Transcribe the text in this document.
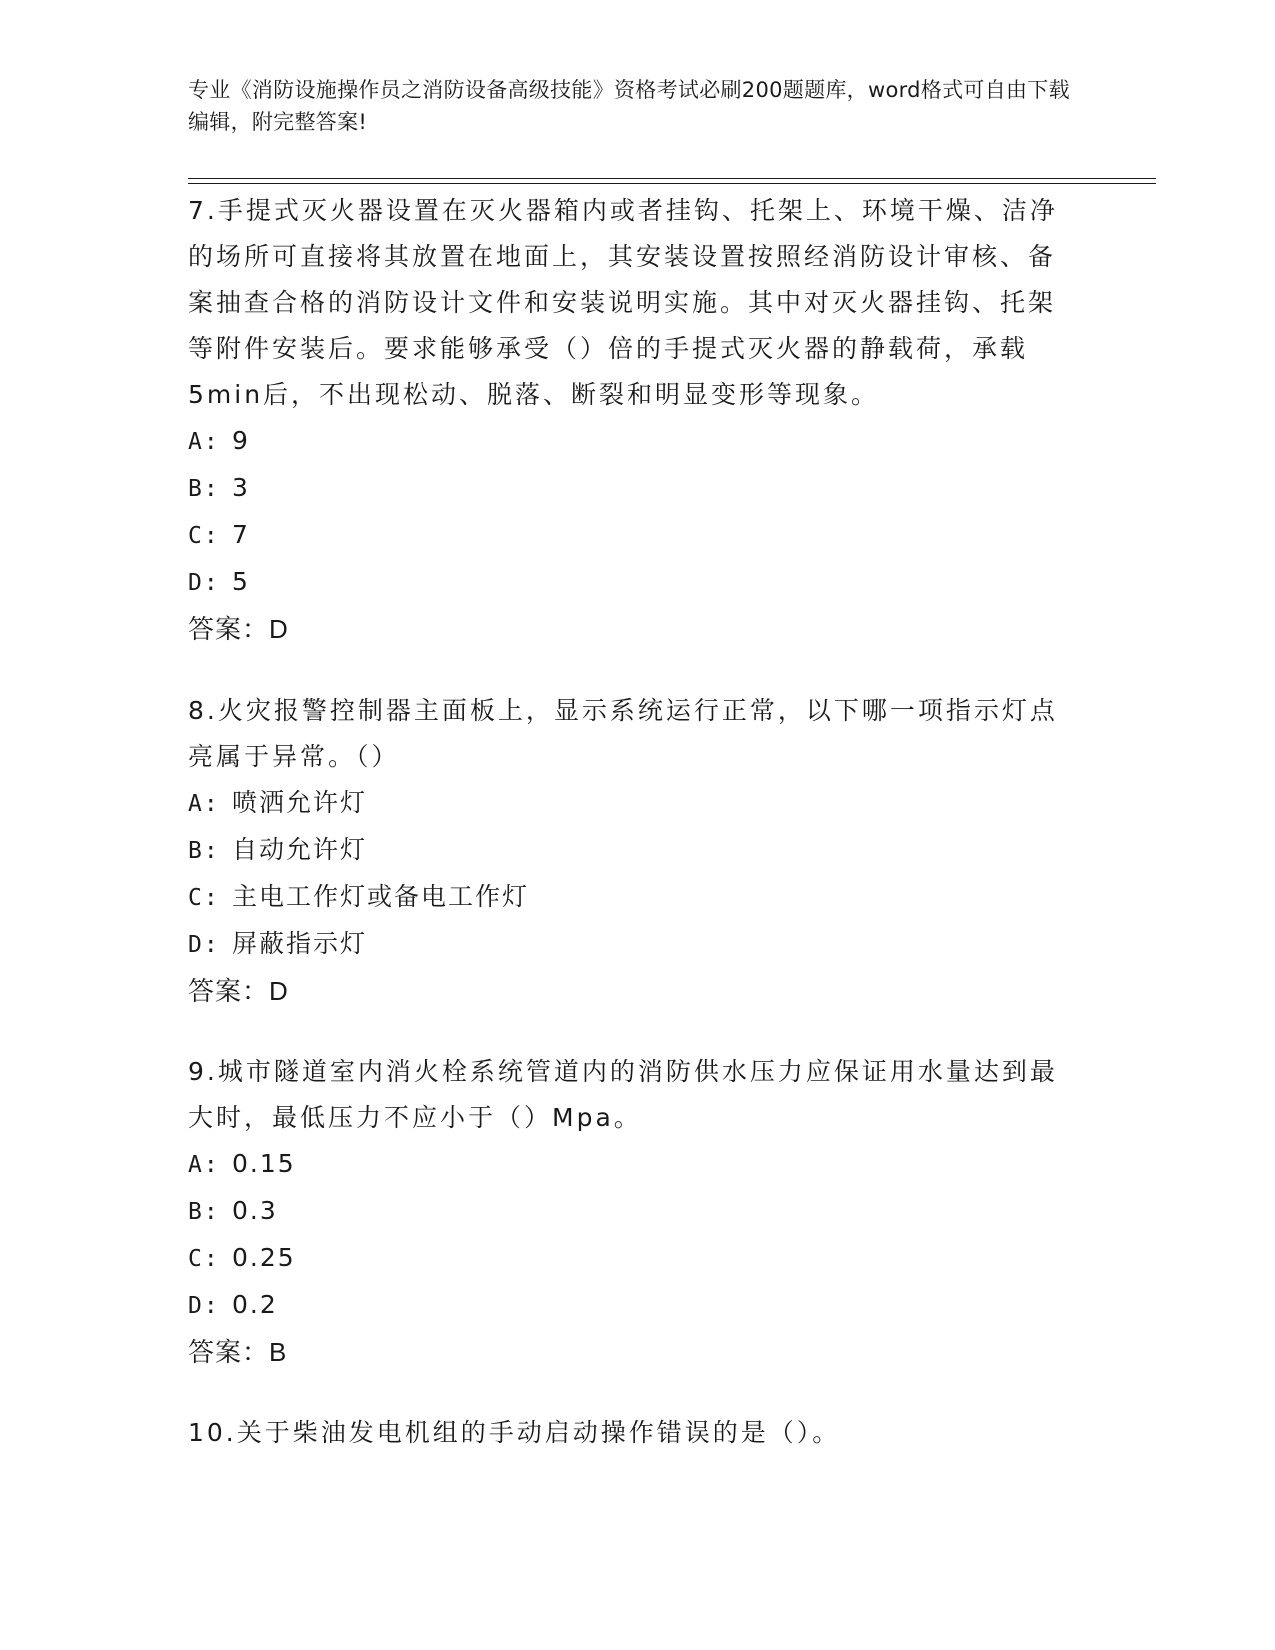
专业《消防设施操作员之消防设备高级技能》资格考试必刷200题题库，word格式可自由下载编辑，附完整答案!

7.手提式灭火器设置在灭火器箱内或者挂钩、托架上、环境干燥、洁净的场所可直接将其放置在地面上，其安装设置按照经消防设计审核、备案抽查合格的消防设计文件和安装说明实施。其中对灭火器挂钩、托架等附件安装后。要求能够承受（）倍的手提式灭火器的静载荷，承载5min后，不出现松动、脱落、断裂和明显变形等现象。

A: 9

B: 3

C: 7

D: 5

答案：D

8.火灾报警控制器主面板上，显示系统运行正常，以下哪一项指示灯点亮属于异常。（）

A: 喷洒允许灯

B: 自动允许灯

C: 主电工作灯或备电工作灯

D: 屏蔽指示灯

答案：D

9.城市隧道室内消火栓系统管道内的消防供水压力应保证用水量达到最大时，最低压力不应小于（）Mpa。

A: 0.15

B: 0.3

C: 0.25

D: 0.2

答案：B

10.关于柴油发电机组的手动启动操作错误的是（）。
